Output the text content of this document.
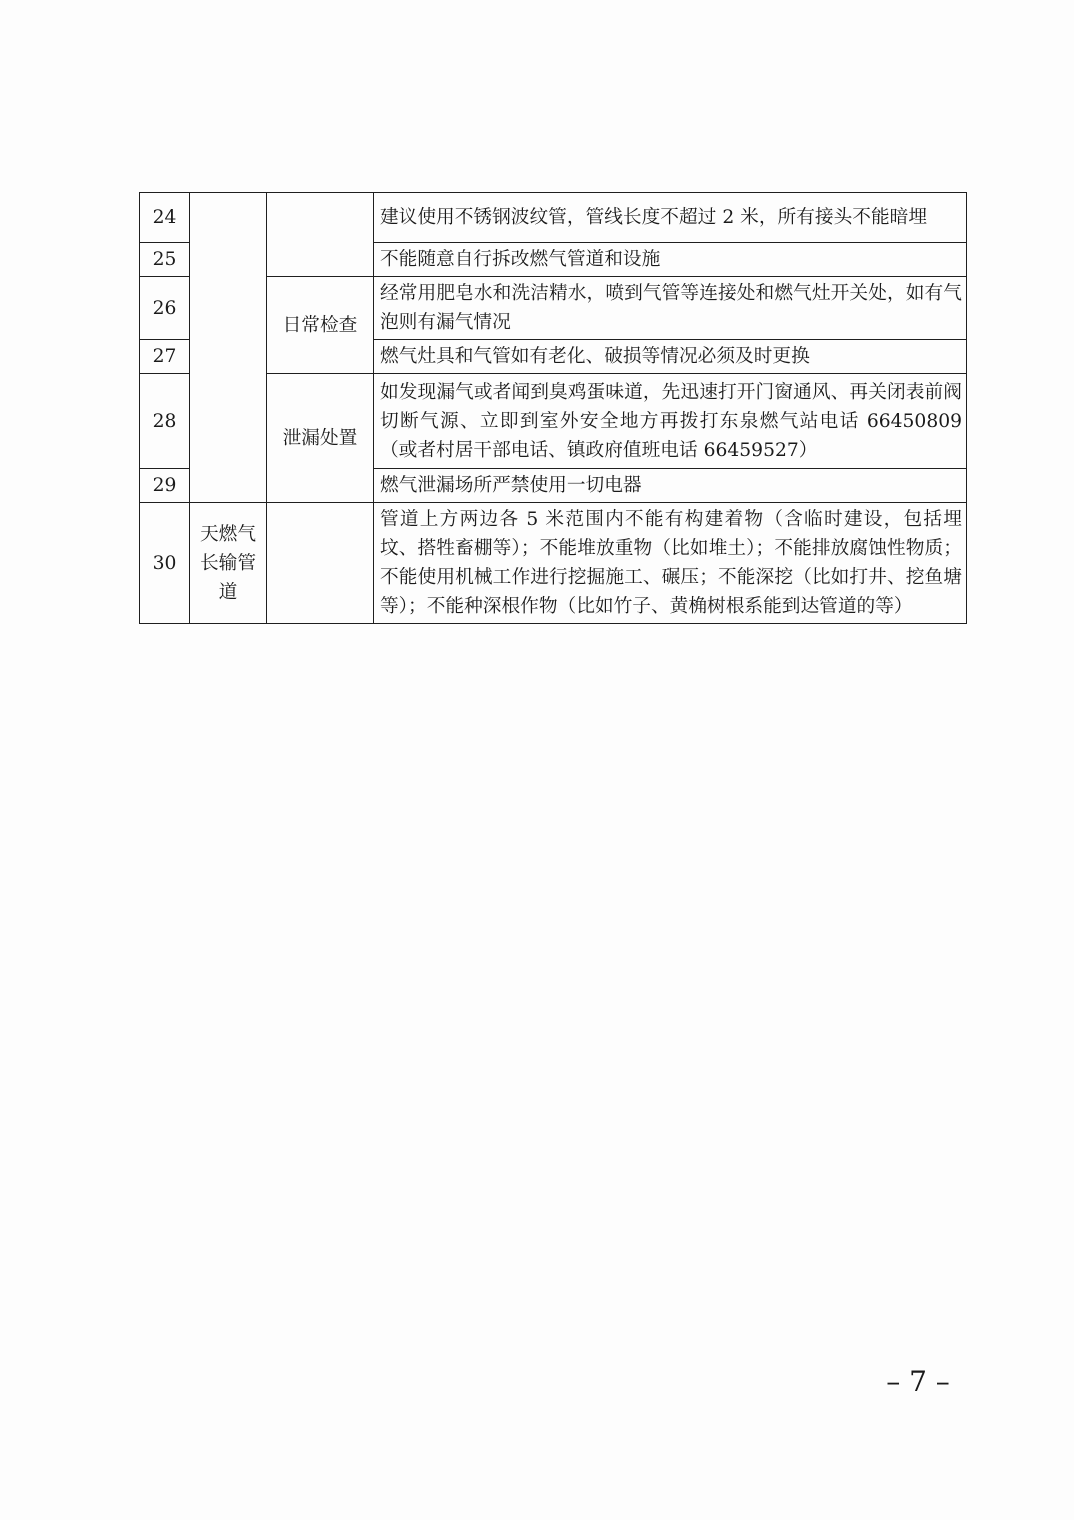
24			建议使用不锈钢波纹管，管线长度不超过 2 米，所有接头不能暗埋
25			不能随意自行拆改燃气管道和设施
26		日常检查	经常用肥皂水和洗洁精水，喷到气管等连接处和燃气灶开关处，如有气泡则有漏气情况
27			燃气灶具和气管如有老化、破损等情况必须及时更换
28		泄漏处置	如发现漏气或者闻到臭鸡蛋味道，先迅速打开门窗通风、再关闭表前阀切断气源、立即到室外安全地方再拨打东泉燃气站电话 66450809（或者村居干部电话、镇政府值班电话 66459527）
29			燃气泄漏场所严禁使用一切电器
30	天燃气长输管道		管道上方两边各 5 米范围内不能有构建着物（含临时建设，包括埋坟、搭牲畜棚等）；不能堆放重物（比如堆土）；不能排放腐蚀性物质；不能使用机械工作进行挖掘施工、碾压；不能深挖（比如打井、挖鱼塘等）；不能种深根作物（比如竹子、黄桷树根系能到达管道的等）
– 7 –
